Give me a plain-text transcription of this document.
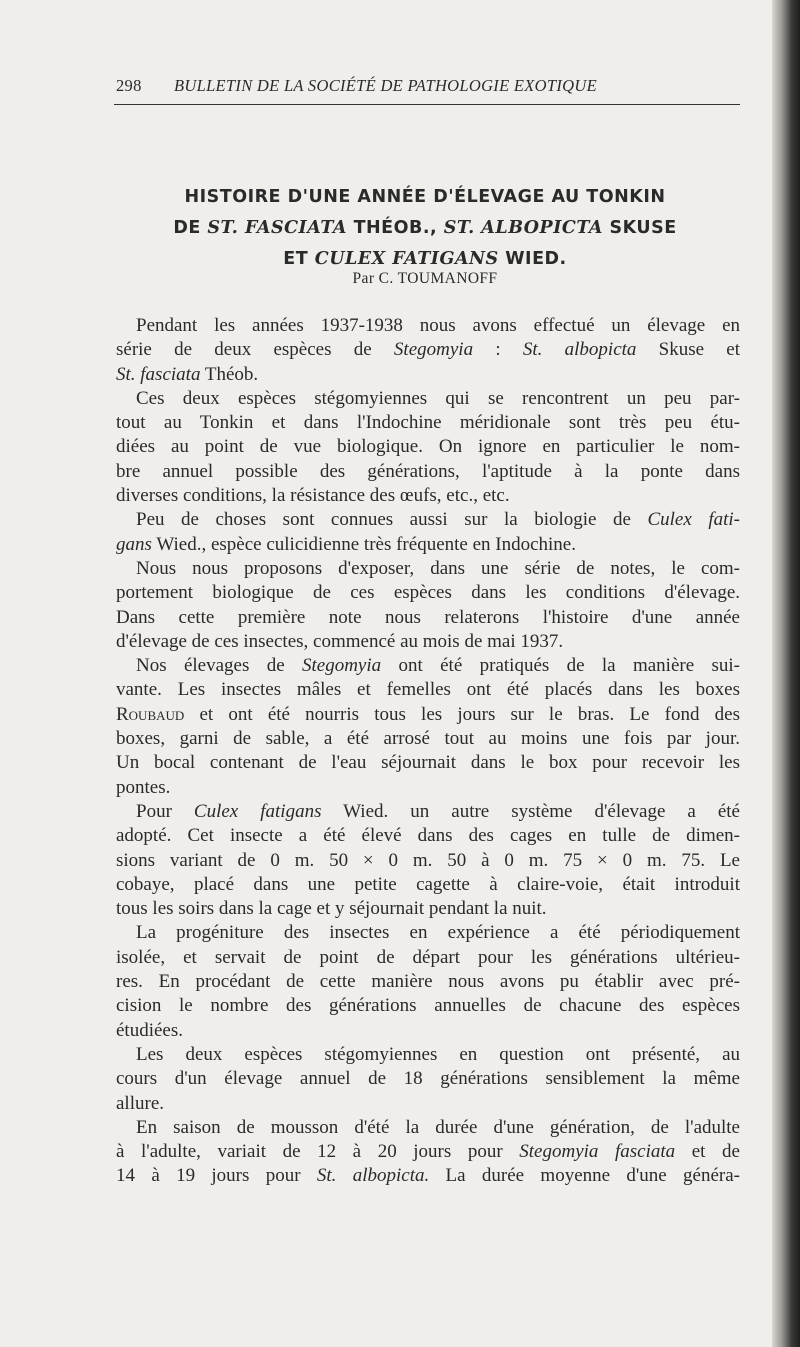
298 BULLETIN DE LA SOCIÉTÉ DE PATHOLOGIE EXOTIQUE
HISTOIRE D'UNE ANNÉE D'ÉLEVAGE AU TONKIN
DE ST. FASCIATA THÉOB., ST. ALBOPICTA SKUSE
ET CULEX FATIGANS WIED.
Par C. TOUMANOFF

Pendant les années 1937-1938 nous avons effectué un élevage en
série de deux espèces de Stegomyia : St. albopicta Skuse et
St. fasciata Théob.

Ces deux espèces stégomyiennes qui se rencontrent un peu par-
tout au Tonkin et dans l'Indochine méridionale sont très peu étu-
diées au point de vue biologique. On ignore en particulier le nom-
bre annuel possible des générations, l'aptitude à la ponte dans
diverses conditions, la résistance des œufs, etc., etc.

Peu de choses sont connues aussi sur la biologie de Culex fati-
gans Wied., espèce culicidienne très fréquente en Indochine.

Nous nous proposons d'exposer, dans une série de notes, le com-
portement biologique de ces espèces dans les conditions d'élevage.
Dans cette première note nous relaterons l'histoire d'une année
d'élevage de ces insectes, commencé au mois de mai 1937.

Nos élevages de Stegomyia ont été pratiqués de la manière sui-
vante. Les insectes mâles et femelles ont été placés dans les boxes
Roubaud et ont été nourris tous les jours sur le bras. Le fond des
boxes, garni de sable, a été arrosé tout au moins une fois par jour.
Un bocal contenant de l'eau séjournait dans le box pour recevoir les
pontes.

Pour Culex fatigans Wied. un autre système d'élevage a été
adopté. Cet insecte a été élevé dans des cages en tulle de dimen-
sions variant de 0 m. 50 × 0 m. 50 à 0 m. 75 × 0 m. 75. Le
cobaye, placé dans une petite cagette à claire-voie, était introduit
tous les soirs dans la cage et y séjournait pendant la nuit.

La progéniture des insectes en expérience a été périodiquement
isolée, et servait de point de départ pour les générations ultérieu-
res. En procédant de cette manière nous avons pu établir avec pré-
cision le nombre des générations annuelles de chacune des espèces
étudiées.

Les deux espèces stégomyiennes en question ont présenté, au
cours d'un élevage annuel de 18 générations sensiblement la même
allure.

En saison de mousson d'été la durée d'une génération, de l'adulte
à l'adulte, variait de 12 à 20 jours pour Stegomyia fasciata et de
14 à 19 jours pour St. albopicta. La durée moyenne d'une généra-
